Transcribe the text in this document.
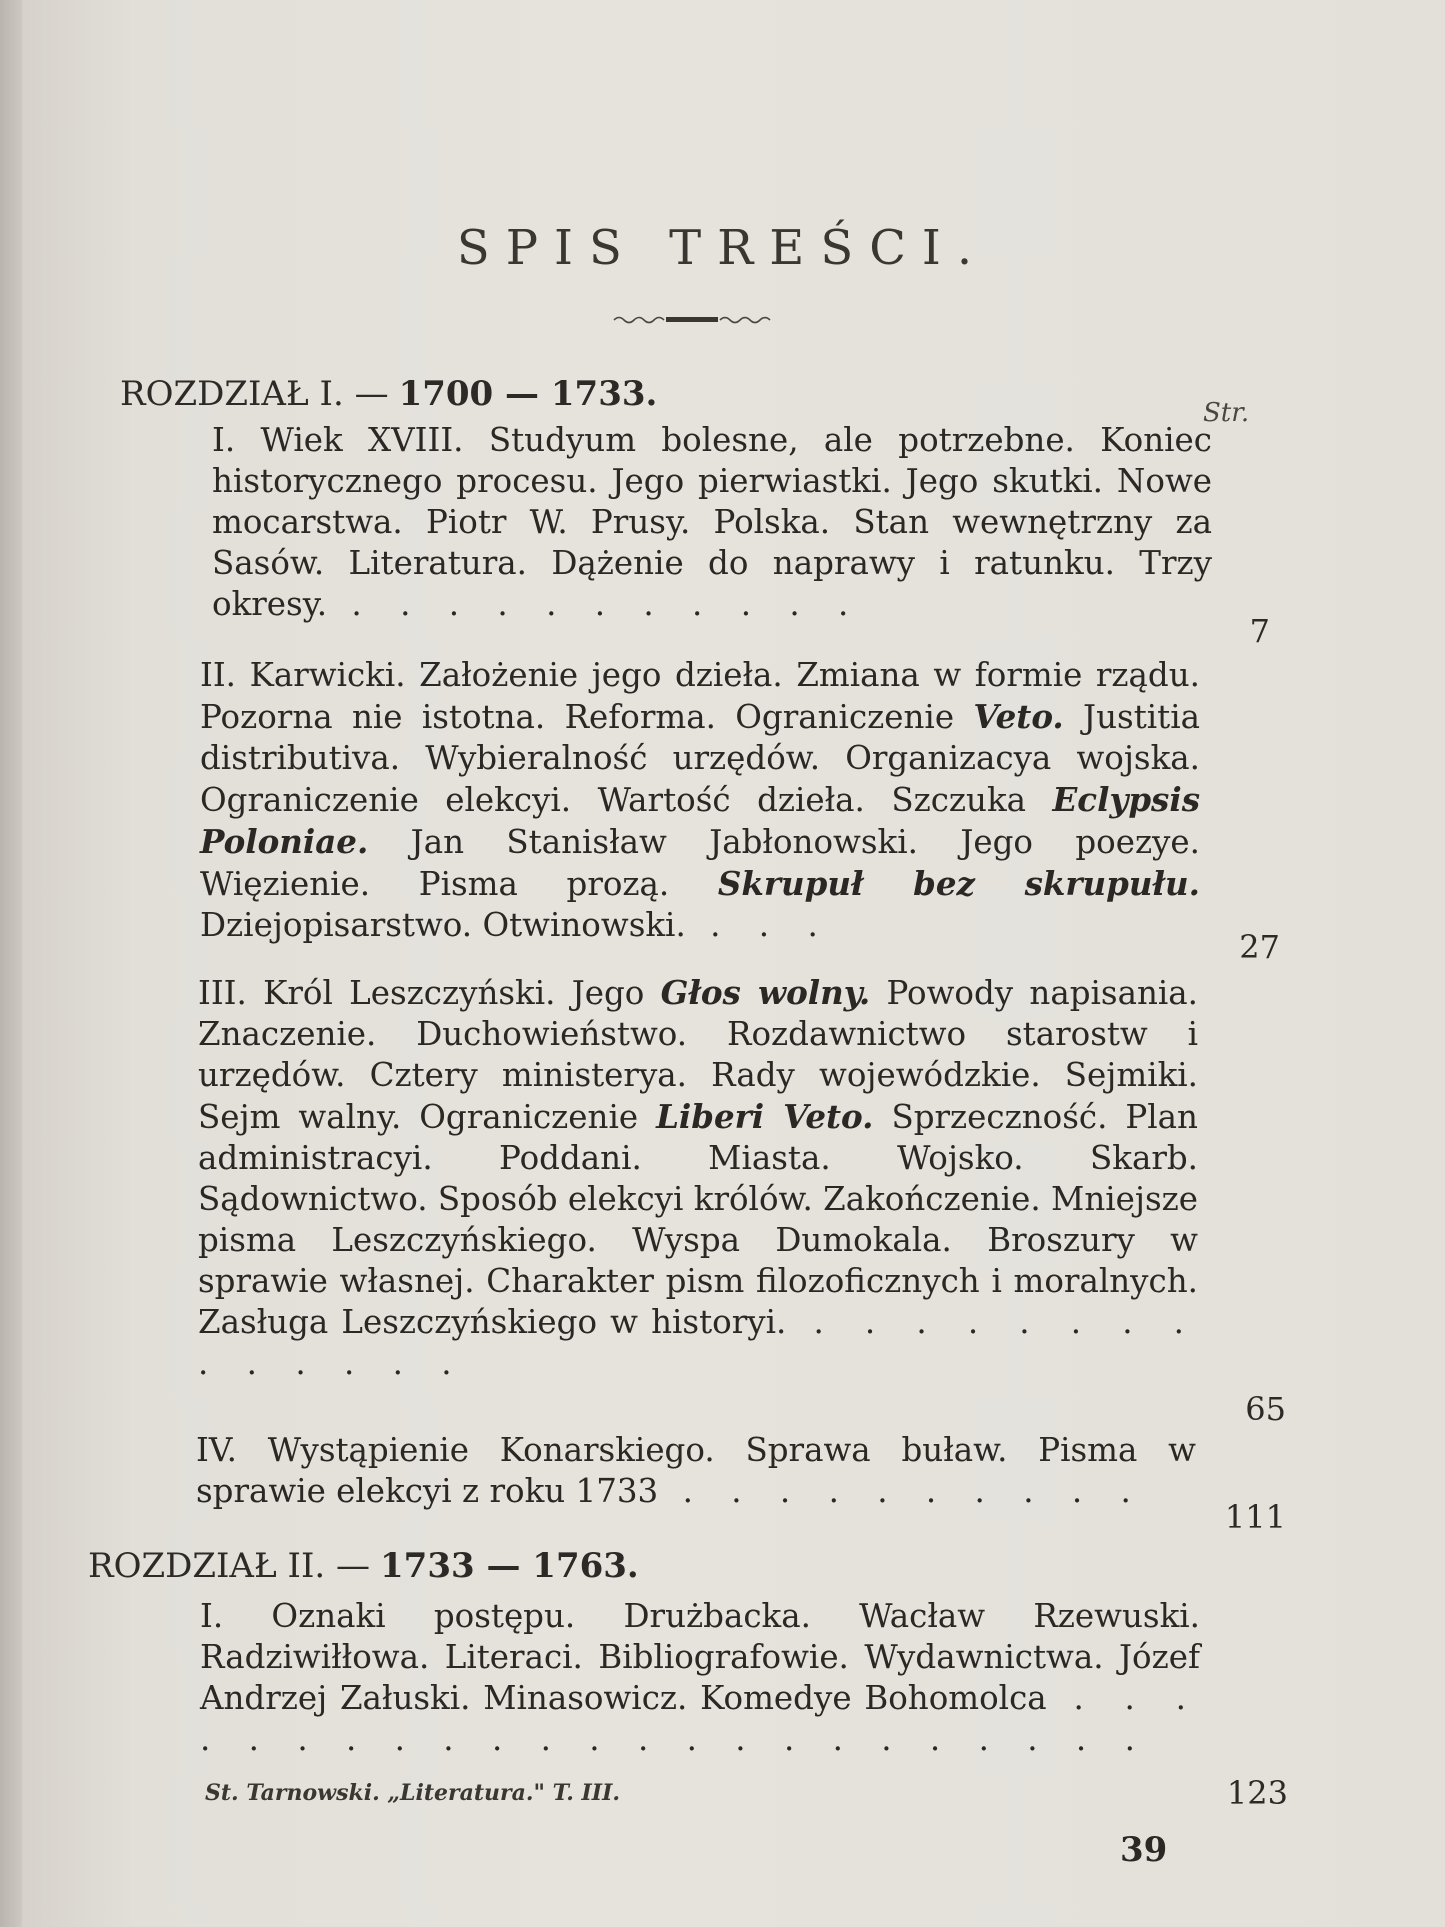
SPIS TREŚCI.
ROZDZIAŁ I. — 1700 — 1733.	Str.
I. Wiek XVIII. Studyum bolesne, ale potrzebne. Koniec historycznego procesu. Jego pierwiastki. Jego skutki. Nowe mocarstwa. Piotr W. Prusy. Polska. Stan wewnętrzny za Sasów. Literatura. Dążenie do naprawy i ratunku. Trzy okresy. . . . . . . . . . . .
7
II. Karwicki. Założenie jego dzieła. Zmiana w formie rządu. Pozorna nie istotna. Reforma. Ograniczenie Veto. Justitia distributiva. Wybieralność urzędów. Organizacya wojska. Ograniczenie elekcyi. Wartość dzieła. Szczuka Eclypsis Poloniae. Jan Stanisław Jabłonowski. Jego poezye. Więzienie. Pisma prozą. Skrupuł bez skrupułu. Dziejopisarstwo. Otwinowski. . . .
27
III. Król Leszczyński. Jego Głos wolny. Powody napisania. Znaczenie. Duchowieństwo. Rozdawnictwo starostw i urzędów. Cztery ministerya. Rady wojewódzkie. Sejmiki. Sejm walny. Ograniczenie Liberi Veto. Sprzeczność. Plan administracyi. Poddani. Miasta. Wojsko. Skarb. Sądownictwo. Sposób elekcyi królów. Zakończenie. Mniejsze pisma Leszczyńskiego. Wyspa Dumokala. Broszury w sprawie własnej. Charakter pism filozoficznych i moralnych. Zasługa Leszczyńskiego w historyi. . . . . . . . . . . . . . .
65
IV. Wystąpienie Konarskiego. Sprawa buław. Pisma w sprawie elekcyi z roku 1733 . . . . . . . . . .
111
ROZDZIAŁ II. — 1733 — 1763.
I. Oznaki postępu. Drużbacka. Wacław Rzewuski. Radziwiłłowa. Literaci. Bibliografowie. Wydawnictwa. Józef Andrzej Załuski. Minasowicz. Komedye Bohomolca . . . . . . . . . . . . . . . . . . . . . . .
123
St. Tarnowski. „Literatura." T. III.
39
